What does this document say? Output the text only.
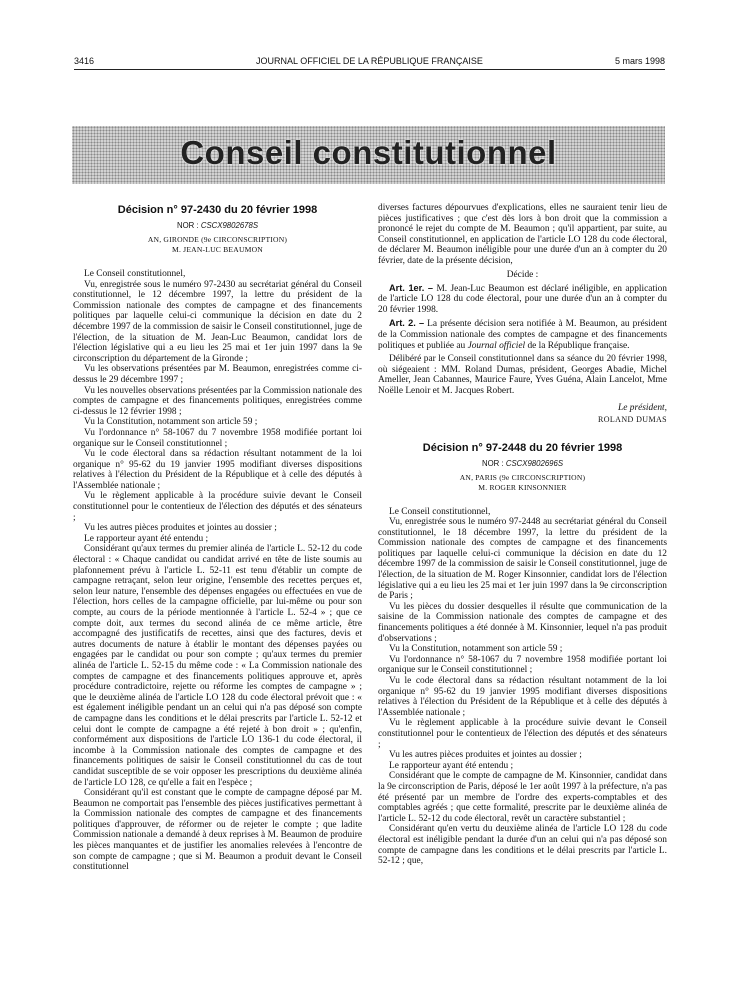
3416	JOURNAL OFFICIEL DE LA RÉPUBLIQUE FRANÇAISE	5 mars 1998
Conseil constitutionnel
Décision n° 97-2430 du 20 février 1998
NOR : CSCX9802678S
AN, GIRONDE (9e CIRCONSCRIPTION)
M. JEAN-LUC BEAUMON

Le Conseil constitutionnel,

Vu, enregistrée sous le numéro 97-2430 au secrétariat général du Conseil constitutionnel, le 12 décembre 1997, la lettre du président de la Commission nationale des comptes de campagne et des financements politiques par laquelle celui-ci communique la décision en date du 2 décembre 1997 de la commission de saisir le Conseil constitutionnel, juge de l'élection, de la situation de M. Jean-Luc Beaumon, candidat lors de l'élection législative qui a eu lieu les 25 mai et 1er juin 1997 dans la 9e circonscription du département de la Gironde ;

Vu les observations présentées par M. Beaumon, enregistrées comme ci-dessus le 29 décembre 1997 ;

Vu les nouvelles observations présentées par la Commission nationale des comptes de campagne et des financements politiques, enregistrées comme ci-dessus le 12 février 1998 ;

Vu la Constitution, notamment son article 59 ;

Vu l'ordonnance n° 58-1067 du 7 novembre 1958 modifiée portant loi organique sur le Conseil constitutionnel ;

Vu le code électoral dans sa rédaction résultant notamment de la loi organique n° 95-62 du 19 janvier 1995 modifiant diverses dispositions relatives à l'élection du Président de la République et à celle des députés à l'Assemblée nationale ;

Vu le règlement applicable à la procédure suivie devant le Conseil constitutionnel pour le contentieux de l'élection des députés et des sénateurs ;

Vu les autres pièces produites et jointes au dossier ;

Le rapporteur ayant été entendu ;

Considérant qu'aux termes du premier alinéa de l'article L. 52-12 du code électoral : « Chaque candidat ou candidat arrivé en tête de liste soumis au plafonnement prévu à l'article L. 52-11 est tenu d'établir un compte de campagne retraçant, selon leur origine, l'ensemble des recettes perçues et, selon leur nature, l'ensemble des dépenses engagées ou effectuées en vue de l'élection, hors celles de la campagne officielle, par lui-même ou pour son compte, au cours de la période mentionnée à l'article L. 52-4 » ; que ce compte doit, aux termes du second alinéa de ce même article, être accompagné des justificatifs de recettes, ainsi que des factures, devis et autres documents de nature à établir le montant des dépenses payées ou engagées par le candidat ou pour son compte ; qu'aux termes du premier alinéa de l'article L. 52-15 du même code : « La Commission nationale des comptes de campagne et des financements politiques approuve et, après procédure contradictoire, rejette ou réforme les comptes de campagne » ; que le deuxième alinéa de l'article LO 128 du code électoral prévoit que : « est également inéligible pendant un an celui qui n'a pas déposé son compte de campagne dans les conditions et le délai prescrits par l'article L. 52-12 et celui dont le compte de campagne a été rejeté à bon droit » ; qu'enfin, conformément aux dispositions de l'article LO 136-1 du code électoral, il incombe à la Commission nationale des comptes de campagne et des financements politiques de saisir le Conseil constitutionnel du cas de tout candidat susceptible de se voir opposer les prescriptions du deuxième alinéa de l'article LO 128, ce qu'elle a fait en l'espèce ;

Considérant qu'il est constant que le compte de campagne déposé par M. Beaumon ne comportait pas l'ensemble des pièces justificatives permettant à la Commission nationale des comptes de campagne et des financements politiques d'approuver, de réformer ou de rejeter le compte ; que ladite Commission nationale a demandé à deux reprises à M. Beaumon de produire les pièces manquantes et de justifier les anomalies relevées à l'encontre de son compte de campagne ; que si M. Beaumon a produit devant le Conseil constitutionnel

diverses factures dépourvues d'explications, elles ne sauraient tenir lieu de pièces justificatives ; que c'est dès lors à bon droit que la commission a prononcé le rejet du compte de M. Beaumon ; qu'il appartient, par suite, au Conseil constitutionnel, en application de l'article LO 128 du code électoral, de déclarer M. Beaumon inéligible pour une durée d'un an à compter du 20 février, date de la présente décision,

Décide :

Art. 1er. – M. Jean-Luc Beaumon est déclaré inéligible, en application de l'article LO 128 du code électoral, pour une durée d'un an à compter du 20 février 1998.

Art. 2. – La présente décision sera notifiée à M. Beaumon, au président de la Commission nationale des comptes de campagne et des financements politiques et publiée au Journal officiel de la République française.

Délibéré par le Conseil constitutionnel dans sa séance du 20 février 1998, où siégeaient : MM. Roland Dumas, président, Georges Abadie, Michel Ameller, Jean Cabannes, Maurice Faure, Yves Guéna, Alain Lancelot, Mme Noëlle Lenoir et M. Jacques Robert.

Le président,
ROLAND DUMAS
Décision n° 97-2448 du 20 février 1998
NOR : CSCX9802696S
AN, PARIS (9e CIRCONSCRIPTION)
M. ROGER KINSONNIER

Le Conseil constitutionnel,

Vu, enregistrée sous le numéro 97-2448 au secrétariat général du Conseil constitutionnel, le 18 décembre 1997, la lettre du président de la Commission nationale des comptes de campagne et des financements politiques par laquelle celui-ci communique la décision en date du 12 décembre 1997 de la commission de saisir le Conseil constitutionnel, juge de l'élection, de la situation de M. Roger Kinsonnier, candidat lors de l'élection législative qui a eu lieu les 25 mai et 1er juin 1997 dans la 9e circonscription de Paris ;

Vu les pièces du dossier desquelles il résulte que communication de la saisine de la Commission nationale des comptes de campagne et des financements politiques a été donnée à M. Kinsonnier, lequel n'a pas produit d'observations ;

Vu la Constitution, notamment son article 59 ;

Vu l'ordonnance n° 58-1067 du 7 novembre 1958 modifiée portant loi organique sur le Conseil constitutionnel ;

Vu le code électoral dans sa rédaction résultant notamment de la loi organique n° 95-62 du 19 janvier 1995 modifiant diverses dispositions relatives à l'élection du Président de la République et à celle des députés à l'Assemblée nationale ;

Vu le règlement applicable à la procédure suivie devant le Conseil constitutionnel pour le contentieux de l'élection des députés et des sénateurs ;

Vu les autres pièces produites et jointes au dossier ;

Le rapporteur ayant été entendu ;

Considérant que le compte de campagne de M. Kinsonnier, candidat dans la 9e circonscription de Paris, déposé le 1er août 1997 à la préfecture, n'a pas été présenté par un membre de l'ordre des experts-comptables et des comptables agréés ; que cette formalité, prescrite par le deuxième alinéa de l'article L. 52-12 du code électoral, revêt un caractère substantiel ;

Considérant qu'en vertu du deuxième alinéa de l'article LO 128 du code électoral est inéligible pendant la durée d'un an celui qui n'a pas déposé son compte de campagne dans les conditions et le délai prescrits par l'article L. 52-12 ; que,
